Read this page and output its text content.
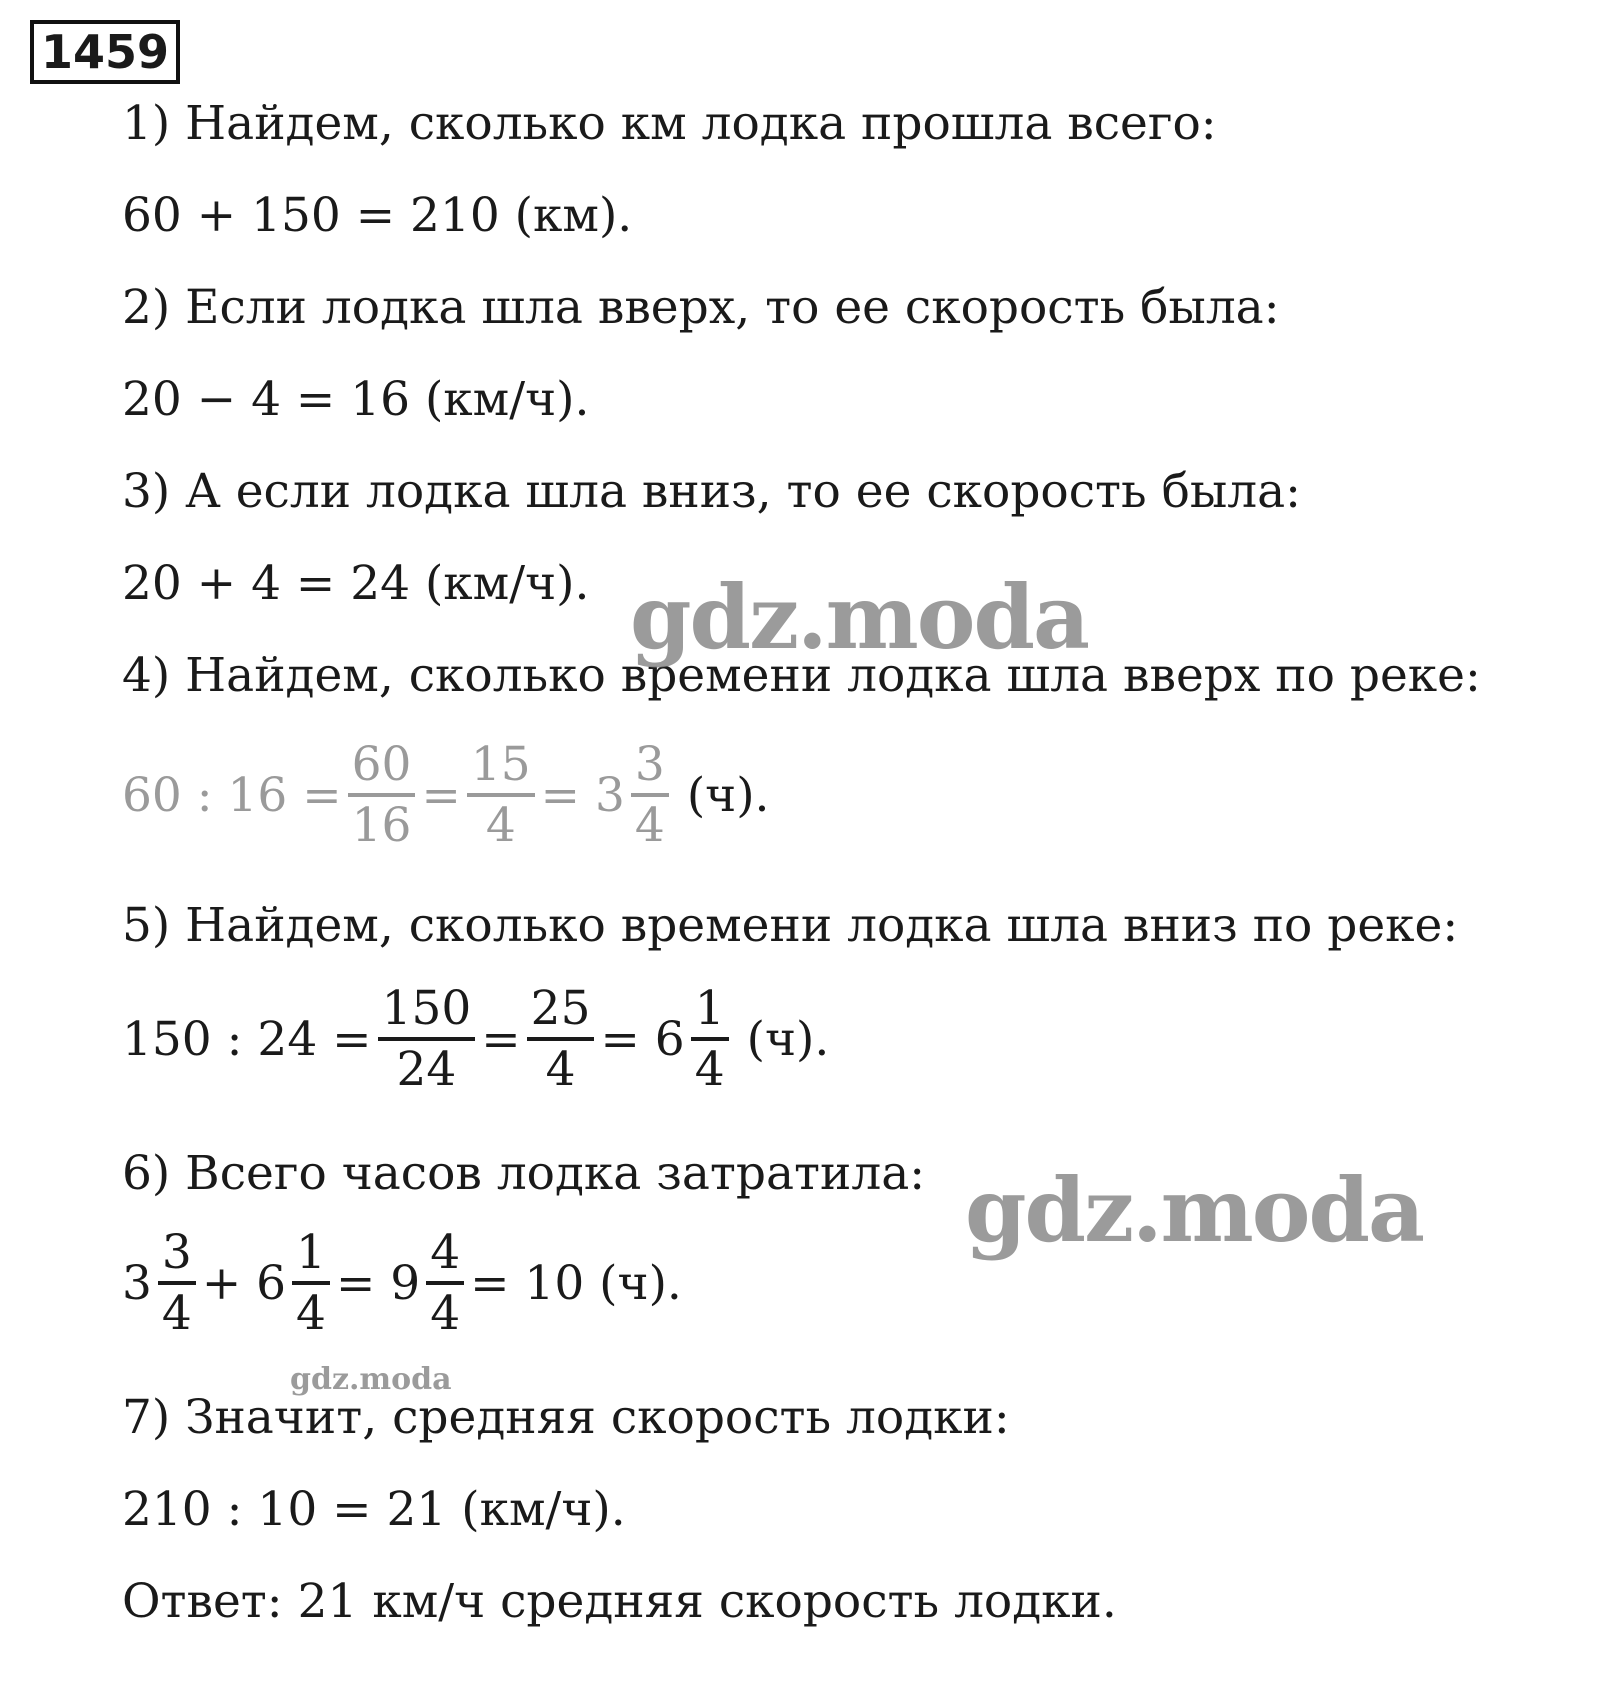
1459
1) Найдем, сколько км лодка прошла всего:
60 + 150 = 210 (км).
2) Если лодка шла вверх, то ее скорость была:
20 − 4 = 16 (км/ч).
3) А если лодка шла вниз, то ее скорость была:
20 + 4 = 24 (км/ч).
4) Найдем, сколько времени лодка шла вверх по реке:
60 : $16 = \frac{60}{16} = \frac{15}{4} = 3 \frac{3}{4} (ч)$.
5) Найдем, сколько времени лодка шла вниз по реке:
150 : $24 = \frac{150}{24} = \frac{25}{4} = 6 \frac{1}{4} (ч)$.
6) Всего часов лодка затратила:
$3 \frac{3}{4} + 6 \frac{1}{4} = 9 \frac{4}{4} = 10$ (ч).
7) Значит, средняя скорость лодки:
210 : 10 = 21 (км/ч).
Ответ: 21 км/ч средняя скорость лодки.
gdz.moda
gdz.moda
gdz.moda
